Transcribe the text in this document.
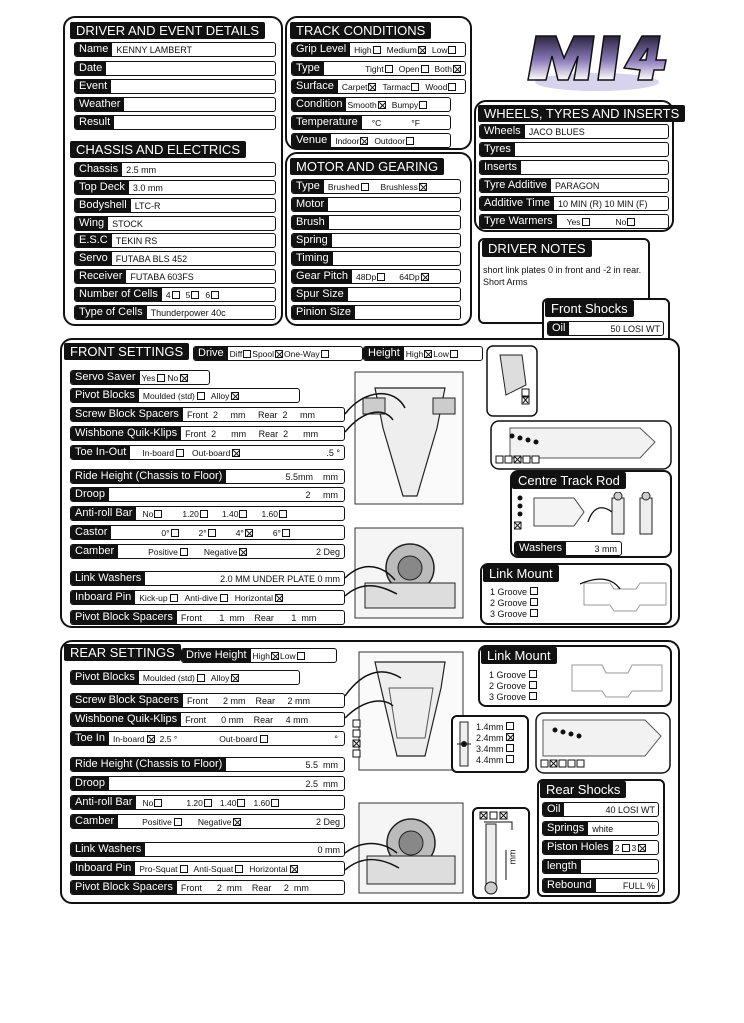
DRIVER AND EVENT DETAILS
Name KENNY LAMBERT
Date
Event
Weather
Result
CHASSIS AND ELECTRICS
Chassis 2.5 mm
Top Deck 3.0 mm
Bodyshell LTC-R
Wing STOCK
E.S.C TEKIN RS
Servo FUTABA BLS 452
Receiver FUTABA 603FS
Number of Cells 4 5 6
Type of Cells Thunderpower 40c
TRACK CONDITIONS
Grip Level High Medium Low
Type	Tight Open Both
Surface Carpet Tarmac Wood
Condition Smooth Bumpy
Temperature	°C	°F
Venue Indoor Outdoor
MOTOR AND GEARING
Type Brushed Brushless
Motor
Brush
Spring
Timing
Gear Pitch 48Dp	64Dp
Spur Size
Pinion Size
MI4
WHEELS, TYRES AND INSERTS
Wheels JACO BLUES
Tyres
Inserts
Tyre Additive PARAGON
Additive Time 10 MIN (R) 10 MIN (F)
Tyre Warmers	Yes	No
DRIVER NOTES
short link plates 0 in front and -2 in rear. Short Arms
Front Shocks
Oil	50 LOSI WT
FRONT SETTINGS	Drive Diff Spool One-Way	Height High Low
Servo Saver Yes No
Pivot Blocks Moulded (std) Alloy
Screw Block Spacers Front  2     mm     Rear  2     mm
Wishbone Quik-Klips Front  2      mm     Rear  2      mm
Toe In-Out	In-board Out-board	.5 °
Ride Height (Chassis to Floor)	5.5mm    mm
Droop	2     mm
Anti-roll Bar	No	1.20	1.40	1.60
Castor	0°	2°	4°	6°
Camber	Positive	Negative	2 Deg
Link Washers	2.0 MM UNDER PLATE 0 mm
Inboard Pin Kick-up Anti-dive Horizontal
Pivot Block Spacers Front       1  mm    Rear       1  mm
Centre Track Rod
Washers	3 mm
Link Mount
1 Groove
2 Groove
3 Groove
REAR SETTINGS	Drive Height High Low
Pivot Blocks Moulded (std) Alloy
Screw Block Spacers Front      2 mm    Rear     2 mm
Wishbone Quik-Klips Front      0 mm    Rear     4 mm
Toe In In-board 2.5 °	Out-board	°
Ride Height (Chassis to Floor)	5.5  mm
Droop	2.5  mm
Anti-roll Bar	No	1.20 1.40 1.60
Camber	Positive	Negative	2 Deg
Link Washers	0 mm
Inboard Pin Pro-Squat Anti-Squat Horizontal
Pivot Block Spacers Front      2  mm    Rear     2  mm
Link Mount
1 Groove
2 Groove
3 Groove
1.4mm
2.4mm
3.4mm
4.4mm
Rear Shocks
Oil	40 LOSI WT
Springs white
Piston Holes 2 3
length
Rebound	FULL %
mm
